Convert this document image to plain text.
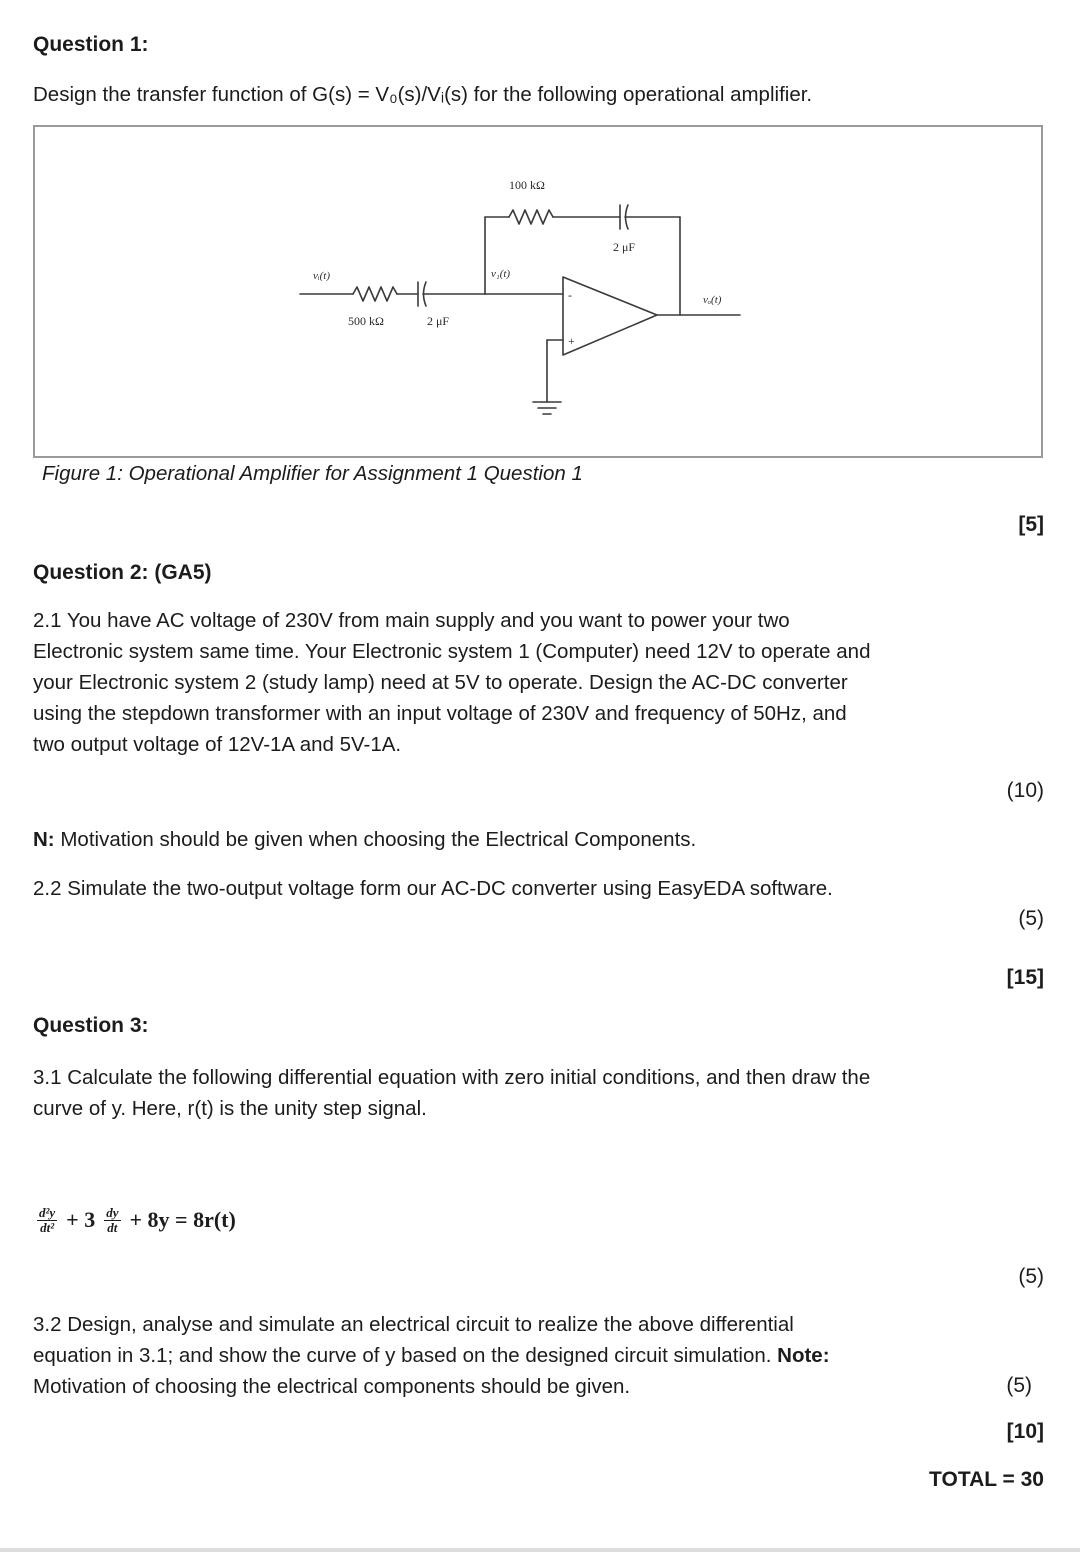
Question 1:
Design the transfer function of G(s) = V₀(s)/Vᵢ(s) for the following operational amplifier.
100 kΩ
2 μF
vᵢ(t)	v₁(t)
vₒ(t)
500 kΩ	2 μF
-
+
Figure 1: Operational Amplifier for Assignment 1 Question 1
[5]
Question 2: (GA5)
2.1 You have AC voltage of 230V from main supply and you want to power your two
Electronic system same time. Your Electronic system 1 (Computer) need 12V to operate and
your Electronic system 2 (study lamp) need at 5V to operate. Design the AC-DC converter
using the stepdown transformer with an input voltage of 230V and frequency of 50Hz, and
two output voltage of 12V-1A and 5V-1A.
(10)
N: Motivation should be given when choosing the Electrical Components.
2.2 Simulate the two-output voltage form our AC-DC converter using EasyEDA software.
(5)
[15]
Question 3:
3.1 Calculate the following differential equation with zero initial conditions, and then draw the
curve of y. Here, r(t) is the unity step signal.
$\frac{\text{d²y}}{\text{dt²}} + 3 \frac{dy}{dt} + 8y = 8r(t)$
(5)
3.2 Design, analyse and simulate an electrical circuit to realize the above differential
equation in 3.1; and show the curve of y based on the designed circuit simulation. Note:
Motivation of choosing the electrical components should be given.	(5)
[10]
TOTAL = 30
